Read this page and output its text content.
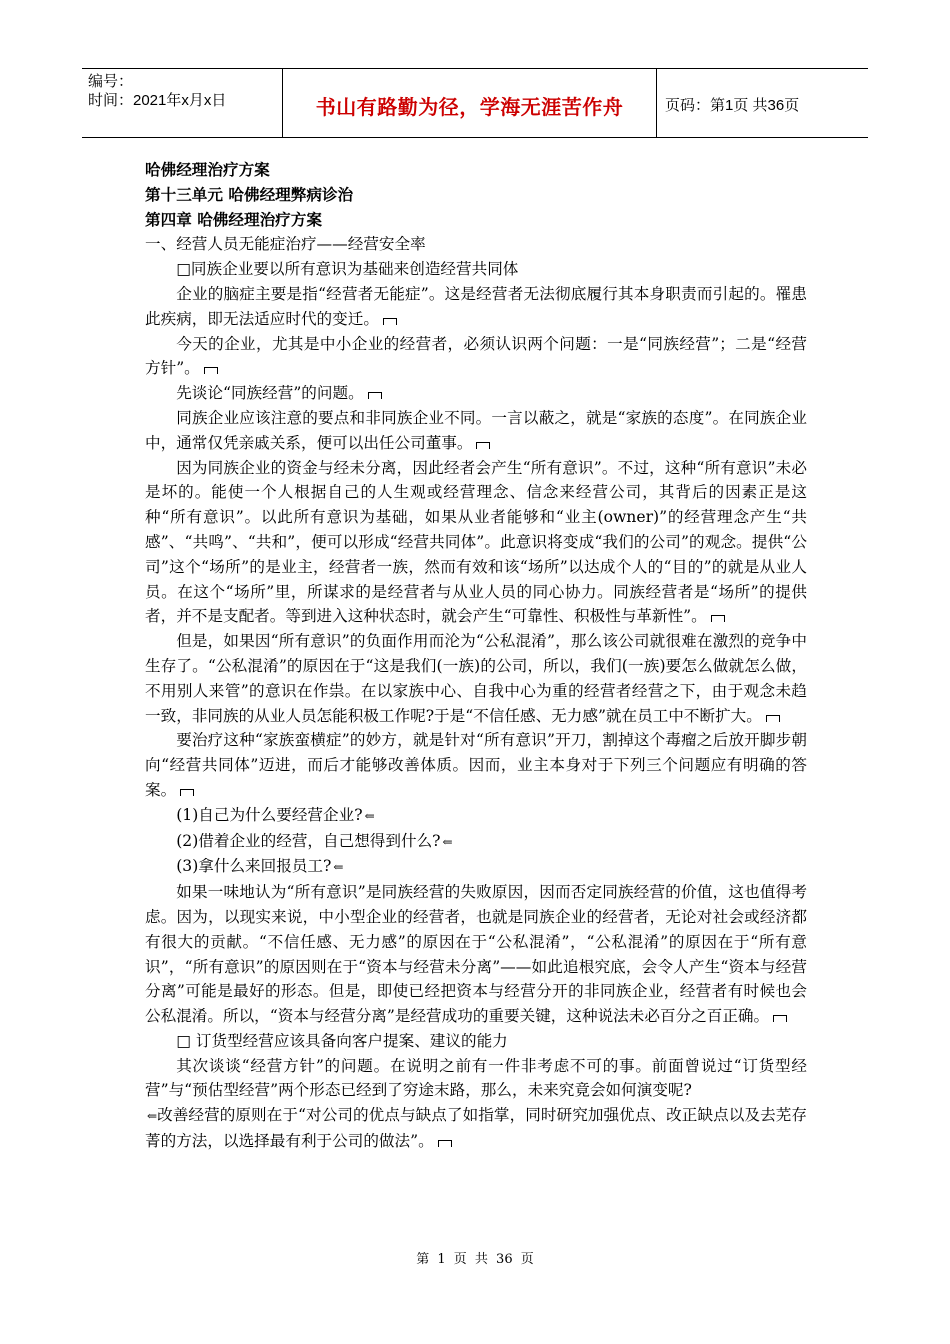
编号：
时间：2021年x月x日	书山有路勤为径，学海无涯苦作舟	页码：第1页 共36页

哈佛经理治疗方案

第十三单元 哈佛经理弊病诊治

第四章 哈佛经理治疗方案

一、经营人员无能症治疗——经营安全率

□同族企业要以所有意识为基础来创造经营共同体

企业的脑症主要是指“经营者无能症”。这是经营者无法彻底履行其本身职责而引起的。罹患此疾病，即无法适应时代的变迁。

今天的企业，尤其是中小企业的经营者，必须认识两个问题：一是“同族经营”；二是“经营方针”。

先谈论“同族经营”的问题。

同族企业应该注意的要点和非同族企业不同。一言以蔽之，就是“家族的态度”。在同族企业中，通常仅凭亲戚关系，便可以出任公司董事。

因为同族企业的资金与经未分离，因此经者会产生“所有意识”。不过，这种“所有意识”未必是坏的。能使一个人根据自己的人生观或经营理念、信念来经营公司，其背后的因素正是这种“所有意识”。以此所有意识为基础，如果从业者能够和“业主(owner)”的经营理念产生“共感”、“共鸣”、“共和”，便可以形成“经营共同体”。此意识将变成“我们的公司”的观念。提供“公司”这个“场所”的是业主，经营者一族，然而有效和该“场所”以达成个人的“目的”的就是从业人员。在这个“场所”里，所谋求的是经营者与从业人员的同心协力。同族经营者是“场所”的提供者，并不是支配者。等到进入这种状态时，就会产生“可靠性、积极性与革新性”。

但是，如果因“所有意识”的负面作用而沦为“公私混淆”，那么该公司就很难在激烈的竞争中生存了。“公私混淆”的原因在于“这是我们(一族)的公司，所以，我们(一族)要怎么做就怎么做，不用别人来管”的意识在作祟。在以家族中心、自我中心为重的经营者经营之下，由于观念未趋一致，非同族的从业人员怎能积极工作呢?于是“不信任感、无力感”就在员工中不断扩大。

要治疗这种“家族蛮横症”的妙方，就是针对“所有意识”开刀，割掉这个毒瘤之后放开脚步朝向“经营共同体”迈进，而后才能够改善体质。因而，业主本身对于下列三个问题应有明确的答案。

(1)自己为什么要经营企业? ⇐

(2)借着企业的经营，自己想得到什么? ⇐

(3)拿什么来回报员工? ⇐

如果一味地认为“所有意识”是同族经营的失败原因，因而否定同族经营的价值，这也值得考虑。因为，以现实来说，中小型企业的经营者，也就是同族企业的经营者，无论对社会或经济都有很大的贡献。“不信任感、无力感”的原因在于“公私混淆”，“公私混淆”的原因在于“所有意识”，“所有意识”的原因则在于“资本与经营未分离”——如此追根究底，会令人产生“资本与经营分离”可能是最好的形态。但是，即使已经把资本与经营分开的非同族企业，经营者有时候也会公私混淆。所以，“资本与经营分离”是经营成功的重要关键，这种说法未必百分之百正确。

□ 订货型经营应该具备向客户提案、建议的能力

其次谈谈“经营方针”的问题。在说明之前有一件非考虑不可的事。前面曾说过“订货型经营”与“预估型经营”两个形态已经到了穷途末路，那么，未来究竟会如何演变呢?
⇐改善经营的原则在于“对公司的优点与缺点了如指掌，同时研究加强优点、改正缺点以及去芜存菁的方法，以选择最有利于公司的做法”。

第 1 页 共 36 页
